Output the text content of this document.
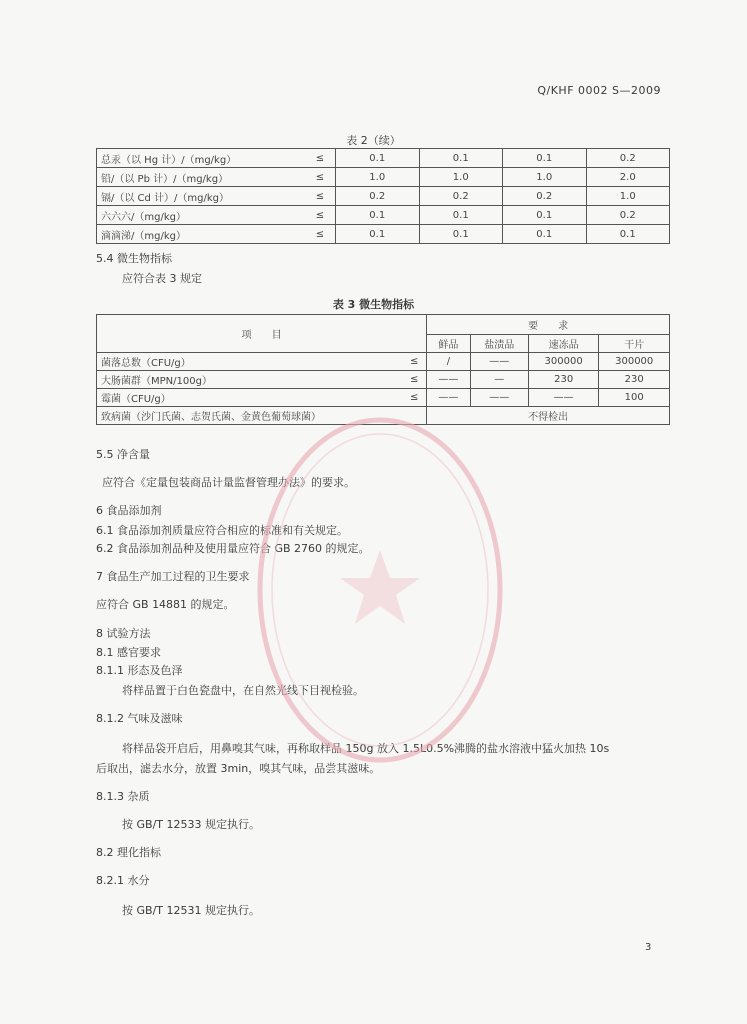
Q/KHF 0002 S—2009
表 2（续）
总汞（以 Hg 计）/（mg/kg）	≤	0.1	0.1	0.1	0.2
铅/（以 Pb 计）/（mg/kg）	≤	1.0	1.0	1.0	2.0
镉/（以 Cd 计）/（mg/kg）	≤	0.2	0.2	0.2	1.0
六六六/（mg/kg）	≤	0.1	0.1	0.1	0.2
滴滴涕/（mg/kg）	≤	0.1	0.1	0.1	0.1
5.4 微生物指标
应符合表 3 规定
表 3 微生物指标
项　　目		要　　求			
		鲜品	盐渍品	速冻品	干片
菌落总数（CFU/g）	≤	/	——	300000	300000
大肠菌群（MPN/100g）	≤	——	—	230	230
霉菌（CFU/g）	≤	——	——	——	100
致病菌（沙门氏菌、志贺氏菌、金黄色葡萄球菌）		不得检出			
5.5 净含量
应符合《定量包装商品计量监督管理办法》的要求。
6 食品添加剂
6.1 食品添加剂质量应符合相应的标准和有关规定。
6.2 食品添加剂品种及使用量应符合 GB 2760 的规定。
7 食品生产加工过程的卫生要求
应符合 GB 14881 的规定。
8 试验方法
8.1 感官要求
8.1.1 形态及色泽
将样品置于白色瓷盘中，在自然光线下目视检验。
8.1.2 气味及滋味
将样品袋开启后，用鼻嗅其气味，再称取样品 150g 放入 1.5L0.5%沸腾的盐水溶液中猛火加热 10s
后取出，滤去水分，放置 3min，嗅其气味，品尝其滋味。
8.1.3 杂质
按 GB/T 12533 规定执行。
8.2 理化指标
8.2.1 水分
按 GB/T 12531 规定执行。
3
